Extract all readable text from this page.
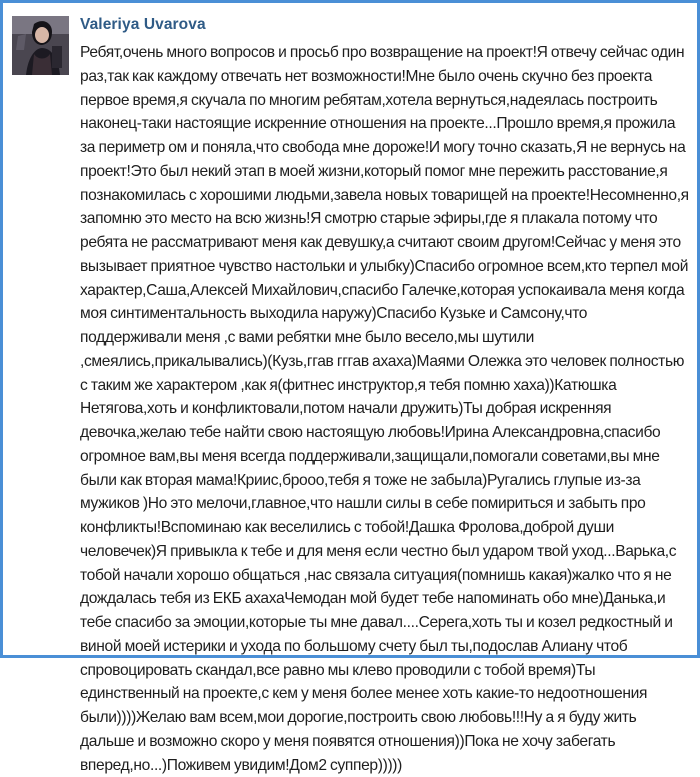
Valeriya Uvarova

Ребят,очень много вопросов и просьб про возвращение на проект!Я отвечу сейчас один раз,так как каждому отвечать нет возможности!Мне было очень скучно без проекта первое время,я скучала по многим ребятам,хотела вернуться,надеялась построить наконец-таки настоящие искренние отношения на проекте...Прошло время,я прожила за периметр ом и поняла,что свобода мне дороже!И могу точно сказать,Я не вернусь на проект!Это был некий этап в моей жизни,который помог мне пережить расстование,я познакомилась с хорошими людьми,завела новых товарищей на проекте!Несомненно,я запомню это место на всю жизнь!Я смотрю старые эфиры,где я плакала потому что ребята не рассматривают меня как девушку,а считают своим другом!Сейчас у меня это вызывает приятное чувство настольки и улыбку)Спасибо огромное всем,кто терпел мой характер,Саша,Алексей Михайлович,спасибо Галечке,которая успокаивала меня когда моя синтиментальность выходила наружу)Спасибо Кузьке и Самсону,что поддерживали меня ,с вами ребятки мне было весело,мы шутили ,смеялись,прикалывались)(Кузь,ггав гггав ахаха)Маями Олежка это человек полностью с таким же характером ,как я(фитнес инструктор,я тебя помню хаха))Катюшка Нетягова,хоть и конфликтовали,потом начали дружить)Ты добрая искренняя девочка,желаю тебе найти свою настоящую любовь!Ирина Александровна,спасибо огромное вам,вы меня всегда поддерживали,защищали,помогали советами,вы мне были как вторая мама!Криис,броoo,тебя я тоже не забыла)Ругались глупые из-за мужиков )Но это мелочи,главное,что нашли силы в себе помириться и забыть про конфликты!Вспоминаю как веселились с тобой!Дашка Фролова,доброй души человечек)Я привыкла к тебе и для меня если честно был ударом твой уход...Варька,с тобой начали хорошо общаться ,нас связала ситуация(помнишь какая)жалко что я не дождалась тебя из ЕКБ ахахаЧемодан мой будет тебе напоминать обо мне)Данька,и тебе спасибо за эмоции,которые ты мне давал....Серега,хоть ты и козел редкостный и виной моей истерики и ухода по большому счету был ты,подослав Алиану чтоб спровоцировать скандал,все равно мы клево проводили с тобой время)Ты единственный на проекте,с кем у меня более менее хоть какие-то недоотношения были))))Желаю вам всем,мои дорогие,построить свою любовь!!!Ну а я буду жить дальше и возможно скоро у меня появятся отношения))Пока не хочу забегать вперед,но...)Поживем увидим!Дом2 суппер)))))
